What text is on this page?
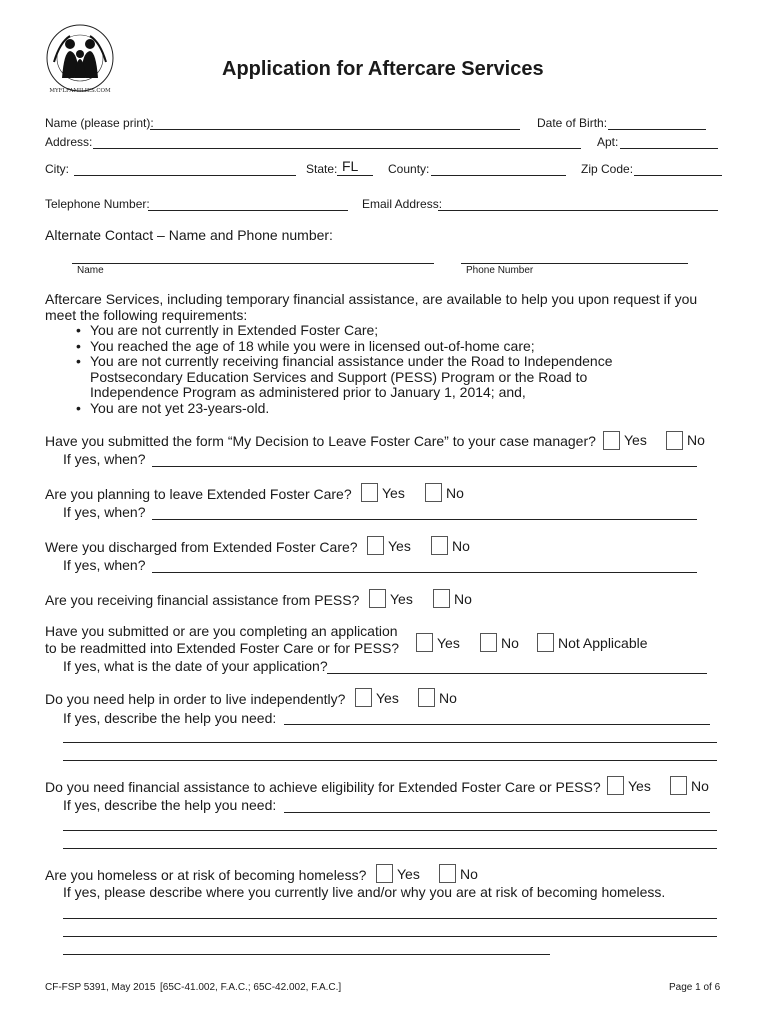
MYFLFAMILIES.COM
Application for Aftercare Services
Name (please print):	Date of Birth:
Address:	Apt:
City:	State: FL County:	Zip Code:
Telephone Number:	Email Address:
Alternate Contact – Name and Phone number:
Name	Phone Number
Aftercare Services, including temporary financial assistance, are available to help you upon request if you meet the following requirements:
• You are not currently in Extended Foster Care;
• You reached the age of 18 while you were in licensed out-of-home care;
• You are not currently receiving financial assistance under the Road to Independence Postsecondary Education Services and Support (PESS) Program or the Road to Independence Program as administered prior to January 1, 2014; and,
• You are not yet 23-years-old.
Have you submitted the form “My Decision to Leave Foster Care” to your case manager? Yes	No
If yes, when?
Are you planning to leave Extended Foster Care? Yes	No
If yes, when?
Were you discharged from Extended Foster Care? Yes	No
If yes, when?
Are you receiving financial assistance from PESS? Yes	No
Have you submitted or are you completing an application
to be readmitted into Extended Foster Care or for PESS?	Yes	No	Not Applicable
If yes, what is the date of your application?
Do you need help in order to live independently? Yes	No
If yes, describe the help you need:
Do you need financial assistance to achieve eligibility for Extended Foster Care or PESS? Yes	No
If yes, describe the help you need:
Are you homeless or at risk of becoming homeless? Yes	No
If yes, please describe where you currently live and/or why you are at risk of becoming homeless.
CF-FSP 5391, May 2015 [65C-41.002, F.A.C.; 65C-42.002, F.A.C.]	Page 1 of 6
